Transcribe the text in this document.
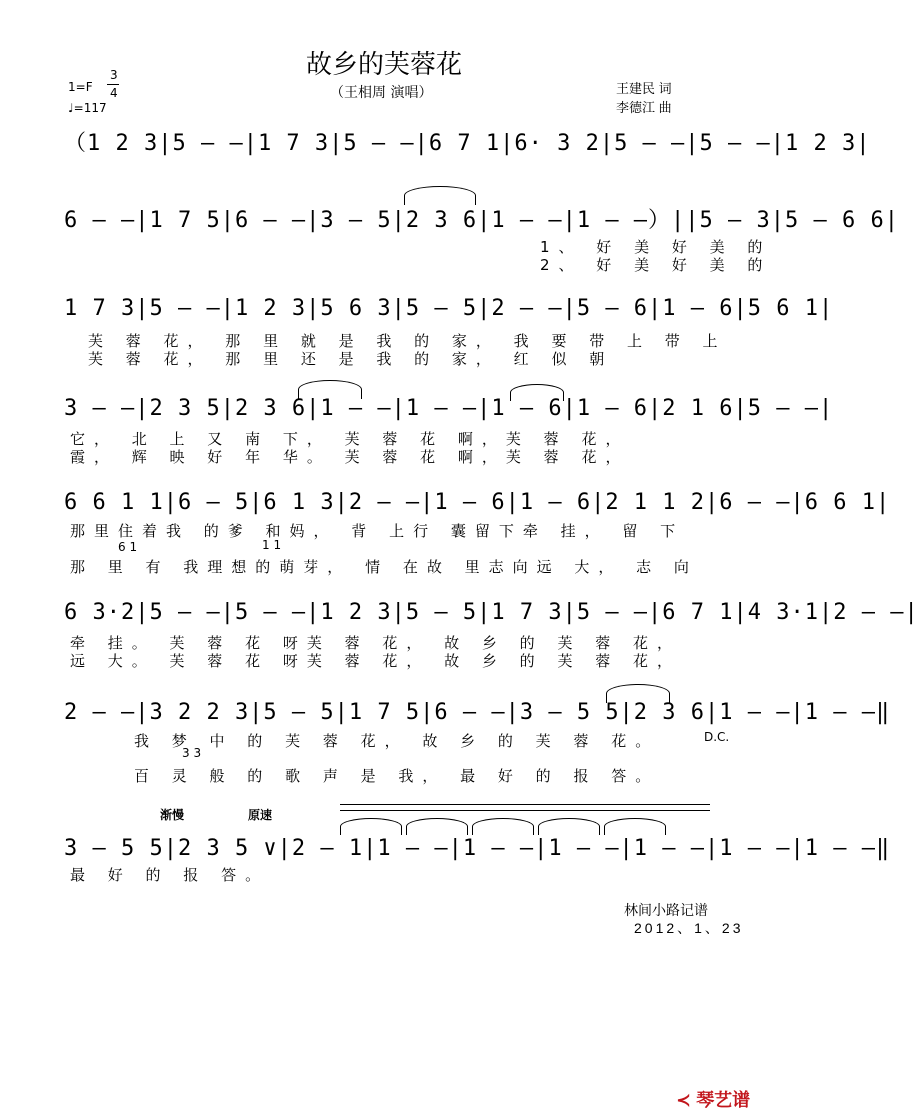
故乡的芙蓉花
（王相周 演唱）	王建民 词
李德江 曲
1=F
3
4
♩=117
（1 2 3|5 – –|1 7 3|5 – –|6 7 1|6· 3 2|5 – –|5 – –|1 2 3|
6 – –|1 7 5|6 – –|3 – 5|2 3 6|1 – –|1 – –）||5 – 3|5 – 6 6|
1、 好 美 好 美 的
2、 好 美 好 美 的
1 7 3|5 – –|1 2 3|5 6 3|5 – 5|2 – –|5 – 6|1 – 6|5 6 1|
芙 蓉 花， 那 里 就 是 我 的 家， 我 要 带 上 带 上
芙 蓉 花， 那 里 还 是 我 的 家， 红 似 朝
3 – –|2 3 5|2 3 6|1 – –|1 – –|1 – 6|1 – 6|2 1 6|5 – –|
它， 北 上 又 南 下， 芙 蓉 花 啊，芙 蓉 花，
霞， 辉 映 好 年 华。 芙 蓉 花 啊，芙 蓉 花，
6 6 1 1|6 – 5|6 1 3|2 – –|1 – 6|1 – 6|2 1 1 2|6 – –|6 6 1|
那里住着我 的爹 和妈， 背 上行 囊留下牵 挂， 留 下
6 1	1 1
那 里 有 我理想的萌芽， 情 在故 里志向远 大， 志 向
6 3·2|5 – –|5 – –|1 2 3|5 – 5|1 7 3|5 – –|6 7 1|4 3·1|2 – –|
牵 挂。 芙 蓉 花 呀芙 蓉 花， 故 乡 的 芙 蓉 花，
远 大。 芙 蓉 花 呀芙 蓉 花， 故 乡 的 芙 蓉 花，
2 – –|3 2 2 3|5 – 5|1 7 5|6 – –|3 – 5 5|2 3 6|1 – –|1 – –‖
我 梦 中 的 芙 蓉 花， 故 乡 的 芙 蓉 花。	D.C.
3 3
百 灵 般 的 歌 声 是 我， 最 好 的 报 答。
渐慢	原速
3 – 5 5|2 3 5 ∨|2 – 1|1 – –|1 – –|1 – –|1 – –|1 – –|1 – –‖
最 好 的 报 答。
林间小路记谱
2012、1、23
≺ 琴艺谱
